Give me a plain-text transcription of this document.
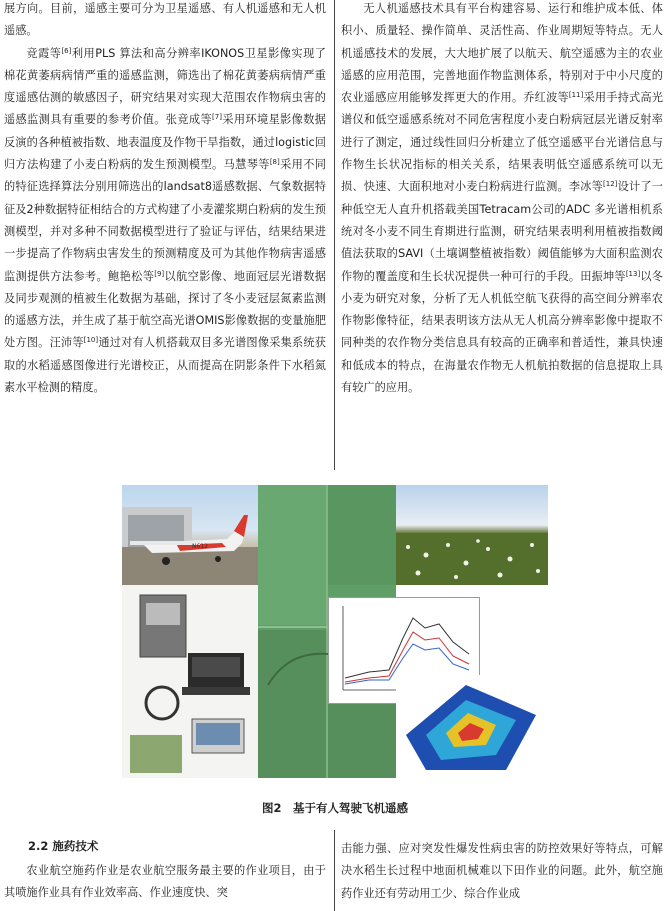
展方向。目前，遥感主要可分为卫星遥感、有人机遥感和无人机遥感。

竞霞等[6]利用PLS 算法和高分辨率IKONOS卫星影像实现了棉花黄萎病病情严重的遥感监测，筛选出了棉花黄萎病病情严重度遥感估测的敏感因子，研究结果对实现大范围农作物病虫害的遥感监测具有重要的参考价值。张竞成等[7]采用环境星影像数据反演的各种植被指数、地表温度及作物干旱指数，通过logistic回归方法构建了小麦白粉病的发生预测模型。马慧琴等[8]采用不同的特征选择算法分别用筛选出的landsat8遥感数据、气象数据特征及2种数据特征相结合的方式构建了小麦灌浆期白粉病的发生预测模型，并对多种不同数据模型进行了验证与评估，结果结果进一步提高了作物病虫害发生的预测精度及可为其他作物病害遥感监测提供方法参考。鲍艳松等[9]以航空影像、地面冠层光谱数据及同步观测的植被生化数据为基础，探讨了冬小麦冠层氮素监测的遥感方法，并生成了基于航空高光谱OMIS影像数据的变量施肥处方图。汪沛等[10]通过对有人机搭载双目多光谱图像采集系统获取的水稻遥感图像进行光谱校正，从而提高在阴影条件下水稻氮素水平检测的精度。

无人机遥感技术具有平台构建容易、运行和维护成本低、体积小、质量轻、操作简单、灵活性高、作业周期短等特点。无人机遥感技术的发展，大大地扩展了以航天、航空遥感为主的农业遥感的应用范围，完善地面作物监测体系，特别对于中小尺度的农业遥感应用能够发挥更大的作用。乔红波等[11]采用手持式高光谱仪和低空遥感系统对不同危害程度小麦白粉病冠层光谱反射率进行了测定，通过线性回归分析建立了低空遥感平台光谱信息与作物生长状况指标的相关关系，结果表明低空遥感系统可以无损、快速、大面积地对小麦白粉病进行监测。李冰等[12]设计了一种低空无人直升机搭载美国Tetracam公司的ADC 多光谱相机系统对冬小麦不同生育期进行监测，研究结果表明利用植被指数阈值法获取的SAVI（土壤调整植被指数）阈值能够为大面积监测农作物的覆盖度和生长状况提供一种可行的手段。田振坤等[13]以冬小麦为研究对象，分析了无人机低空航飞获得的高空间分辨率农作物影像特征，结果表明该方法从无人机高分辨率影像中提取不同种类的农作物分类信息具有较高的正确率和普适性，兼具快速和低成本的特点，在海量农作物无人机航拍数据的信息提取上具有较广的应用。

N612
图2　基于有人驾驶飞机遥感
2.2 施药技术

农业航空施药作业是农业航空服务最主要的作业项目，由于其喷施作业具有作业效率高、作业速度快、突

击能力强、应对突发性爆发性病虫害的防控效果好等特点，可解决水稻生长过程中地面机械难以下田作业的问题。此外，航空施药作业还有劳动用工少、综合作业成
